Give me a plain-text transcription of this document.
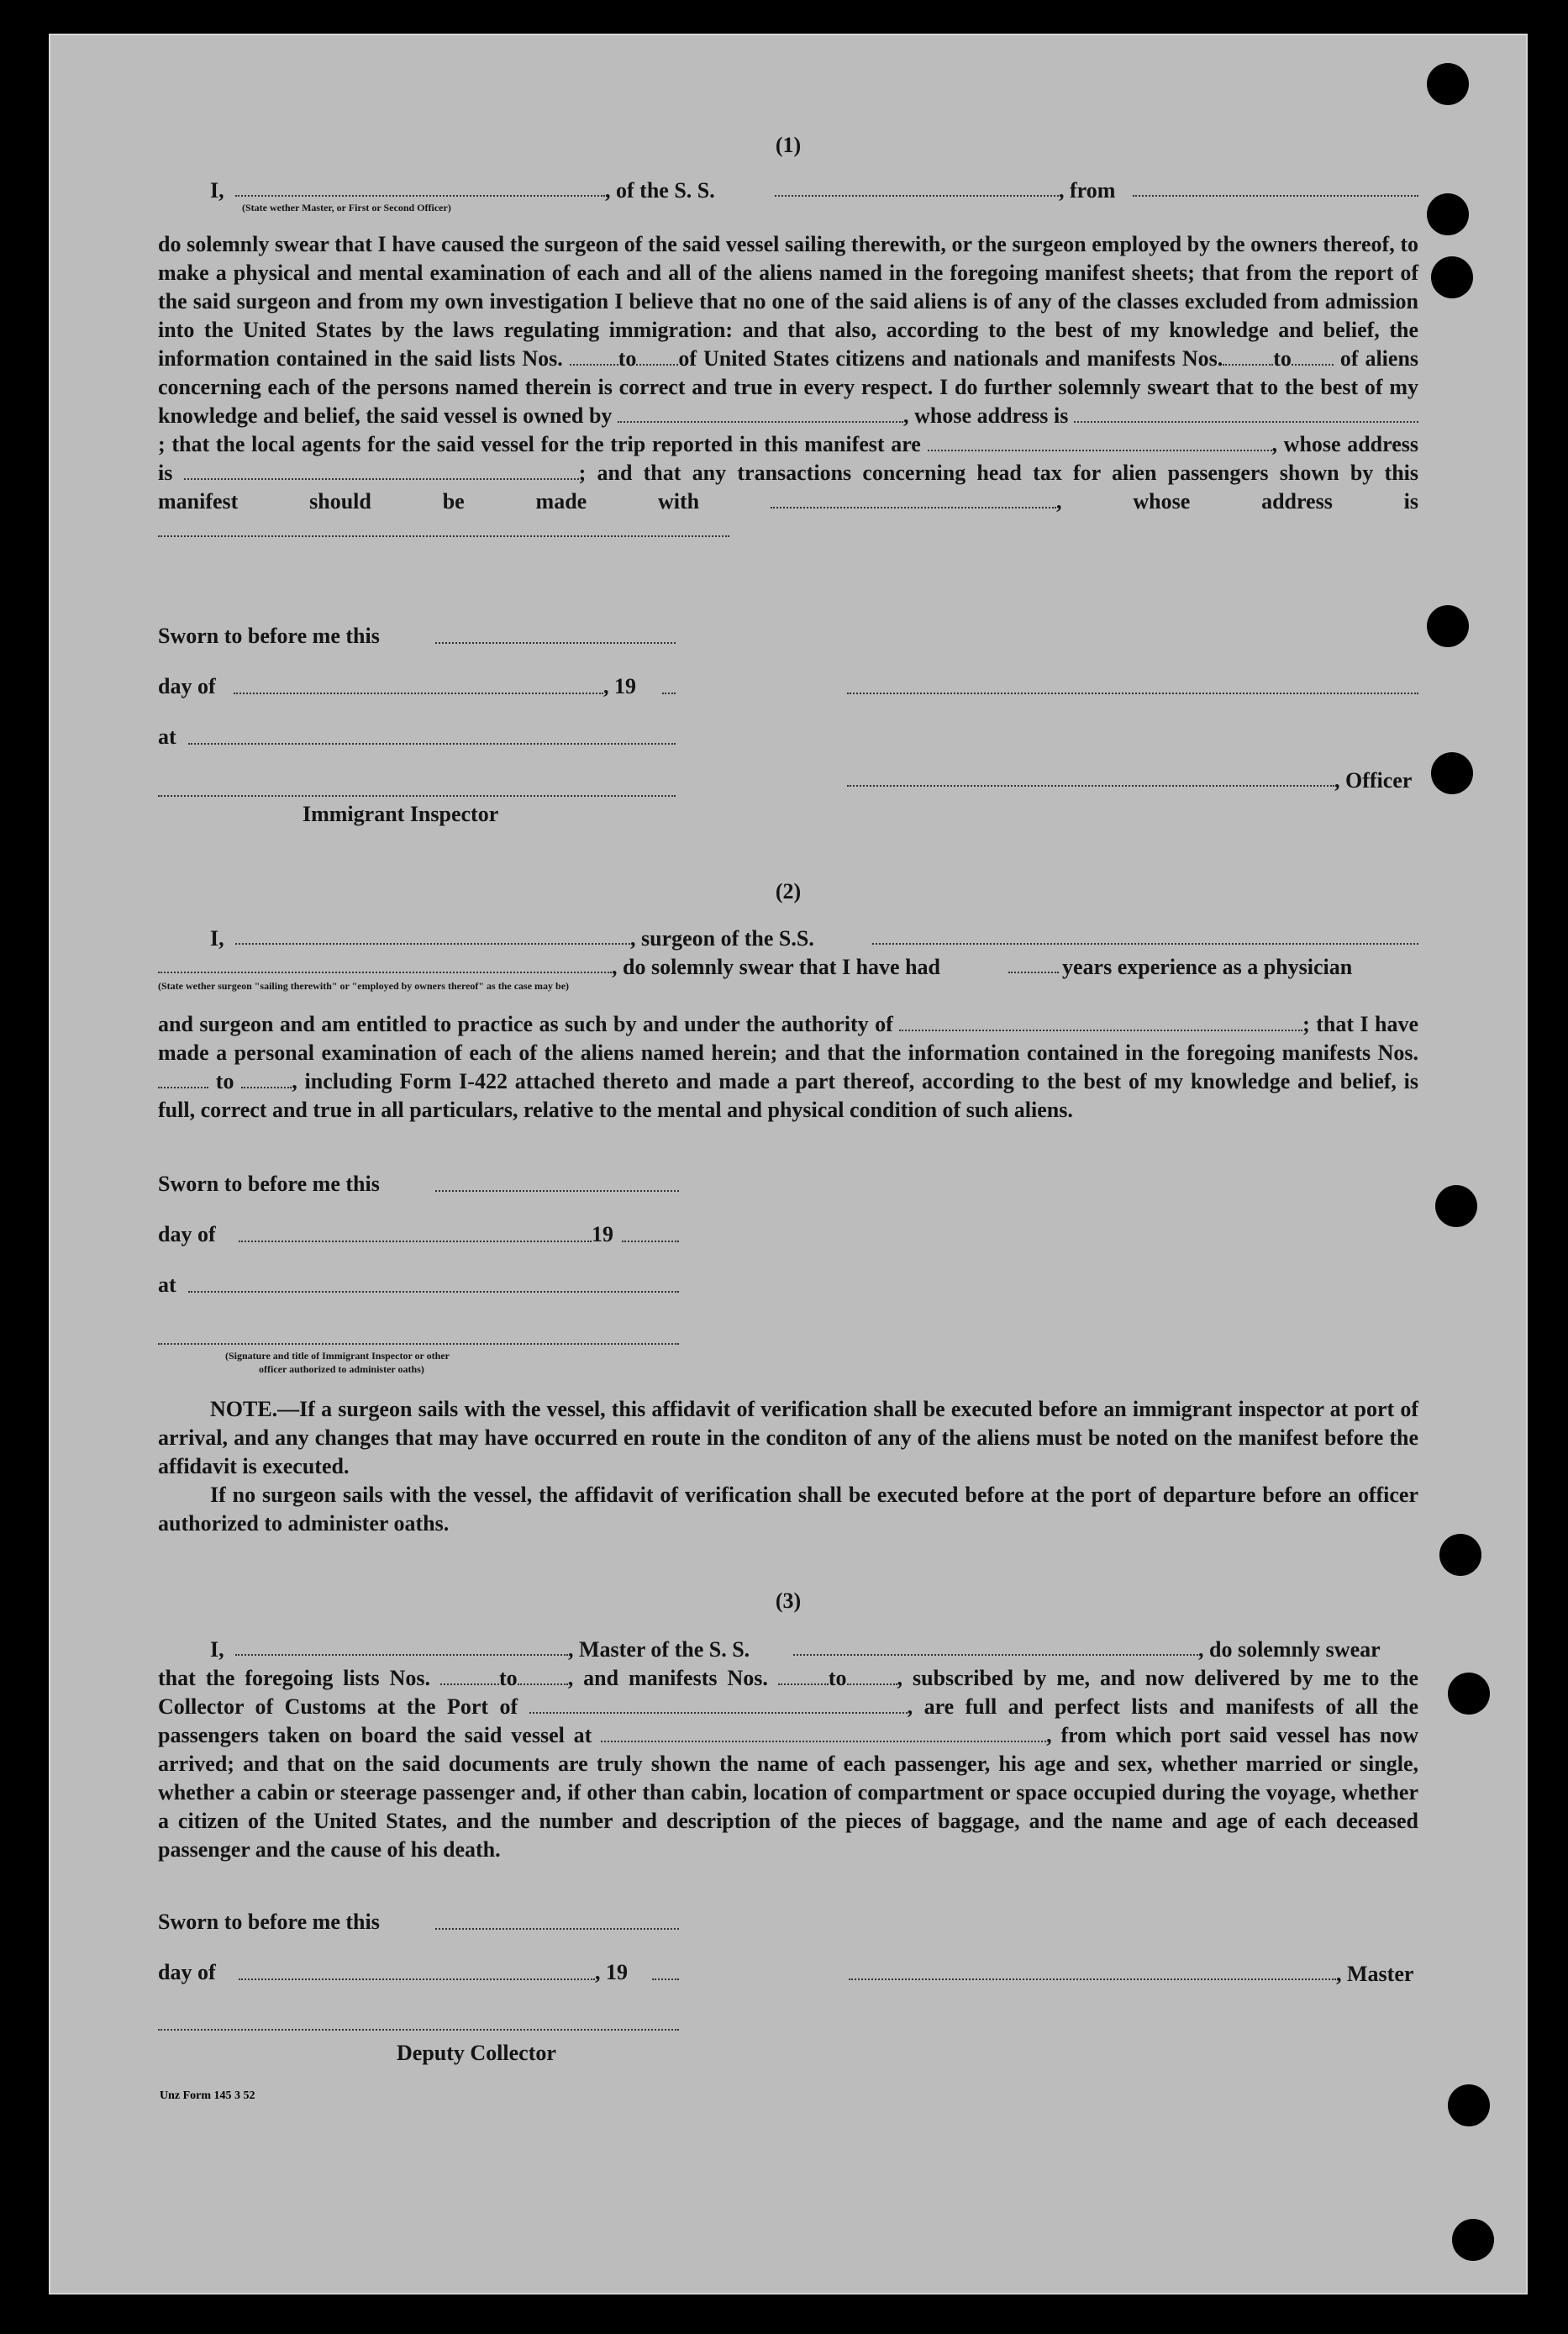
(1)
I,	, of the S. S.	, from
(State wether Master, or First or Second Officer)

do solemnly swear that I have caused the surgeon of the said vessel sailing therewith, or the surgeon employed by the owners thereof, to make a physical and mental examination of each and all of the aliens named in the foregoing manifest sheets; that from the report of the said surgeon and from my own investigation I believe that no one of the said aliens is of any of the classes excluded from admission into the United States by the laws regulating immigration: and that also, according to the best of my knowledge and belief, the information contained in the said lists Nos.	to of United States citizens and nationals and manifests Nos. to of aliens concerning each of the persons named therein is correct and true in every respect. I do further solemnly sweart that to the best of my knowledge and belief, the said vessel is owned by	, whose address is ; that the local agents for the said vessel for the trip reported in this manifest are	, whose address is	; and that any transactions concerning head tax for alien passengers shown by this manifest should be made with	,	whose address is

Sworn to before me this
day of	, 19
at
Immigrant Inspector
, Officer
(2)
I,	, surgeon of the S.S.
, do solemnly swear that I have had	years experience as a physician
(State wether surgeon "sailing therewith" or "employed by owners thereof" as the case may be)

and surgeon and am entitled to practice as such by and under the authority of	; that I have made a personal examination of each of the aliens named herein; and that the information contained in the foregoing manifests Nos.  to	, including Form I-422 attached thereto and made a part thereof, according to the best of my knowledge and belief, is full, correct and true in all particulars, relative to the mental and physical condition of such aliens.

Sworn to before me this
day of	19
at
(Signature and title of Immigrant Inspector or other
officer authorized to administer oaths)

NOTE.—If a surgeon sails with the vessel, this affidavit of verification shall be executed before an immigrant inspector at port of arrival, and any changes that may have occurred en route in the conditon of any of the aliens must be noted on the manifest before the affidavit is executed.

If no surgeon sails with the vessel, the affidavit of verification shall be executed before at the port of departure before an officer authorized to administer oaths.

(3)
I,	, Master of the S. S.	, do solemnly swear

that the foregoing lists Nos.	to , and manifests Nos.	to , subscribed by me, and now delivered by me to the Collector of Customs at the Port of	, are full and perfect lists and manifests of all the passengers taken on board the said vessel at	, from which port said vessel has now arrived; and that on the said documents are truly shown the name of each passenger, his age and sex, whether married or single, whether a cabin or steerage passenger and, if other than cabin, location of compartment or space occupied during the voyage, whether a citizen of the United States, and the number and description of the pieces of baggage, and the name and age of each deceased passenger and the cause of his death.

Sworn to before me this
day of	, 19	, Master
Deputy Collector
Unz Form 145 3 52
